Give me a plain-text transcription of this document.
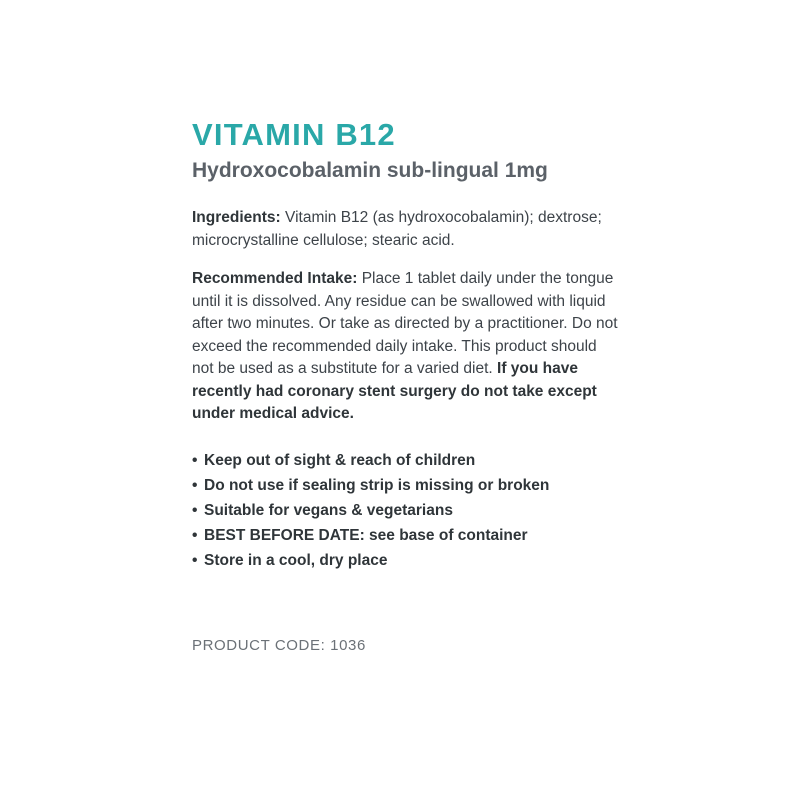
VITAMIN B12
Hydroxocobalamin sub-lingual 1mg

Ingredients: Vitamin B12 (as hydroxocobalamin); dextrose; microcrystalline cellulose; stearic acid.

Recommended Intake: Place 1 tablet daily under the tongue until it is dissolved. Any residue can be swallowed with liquid after two minutes. Or take as directed by a practitioner. Do not exceed the recommended daily intake. This product should not be used as a substitute for a varied diet. If you have recently had coronary stent surgery do not take except under medical advice.

• Keep out of sight & reach of children
• Do not use if sealing strip is missing or broken
• Suitable for vegans & vegetarians
• BEST BEFORE DATE: see base of container
• Store in a cool, dry place
PRODUCT CODE: 1036
